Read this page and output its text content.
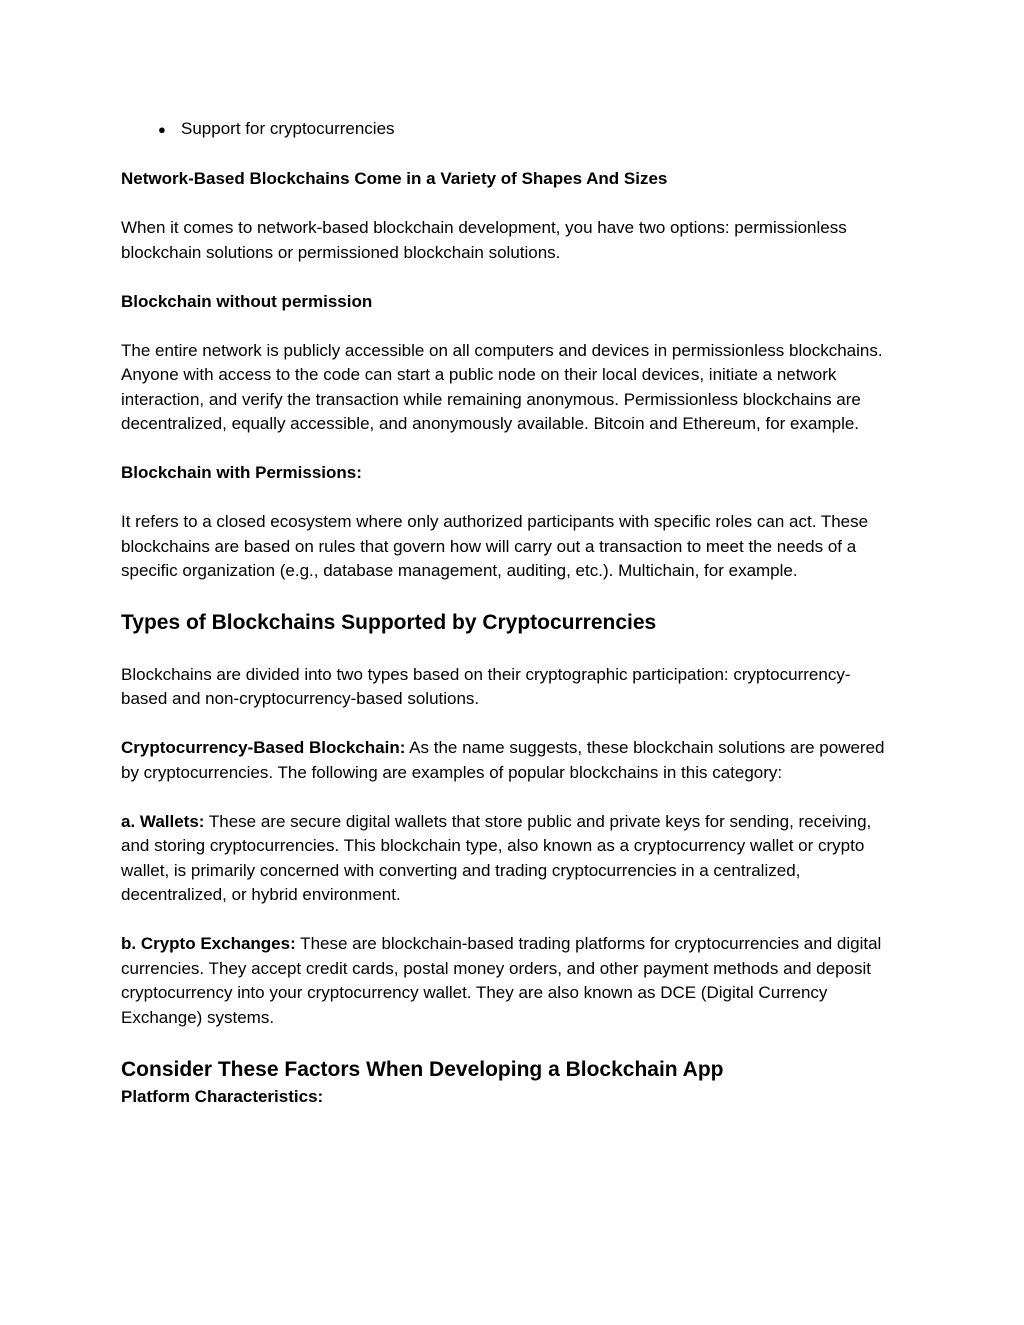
● Support for cryptocurrencies

Network-Based Blockchains Come in a Variety of Shapes And Sizes

When it comes to network-based blockchain development, you have two options: permissionless blockchain solutions or permissioned blockchain solutions.

Blockchain without permission

The entire network is publicly accessible on all computers and devices in permissionless blockchains. Anyone with access to the code can start a public node on their local devices, initiate a network interaction, and verify the transaction while remaining anonymous. Permissionless blockchains are decentralized, equally accessible, and anonymously available. Bitcoin and Ethereum, for example.

Blockchain with Permissions:

It refers to a closed ecosystem where only authorized participants with specific roles can act. These blockchains are based on rules that govern how will carry out a transaction to meet the needs of a specific organization (e.g., database management, auditing, etc.). Multichain, for example.

Types of Blockchains Supported by Cryptocurrencies

Blockchains are divided into two types based on their cryptographic participation: cryptocurrency-based and non-cryptocurrency-based solutions.

Cryptocurrency-Based Blockchain: As the name suggests, these blockchain solutions are powered by cryptocurrencies. The following are examples of popular blockchains in this category:

a. Wallets: These are secure digital wallets that store public and private keys for sending, receiving, and storing cryptocurrencies. This blockchain type, also known as a cryptocurrency wallet or crypto wallet, is primarily concerned with converting and trading cryptocurrencies in a centralized, decentralized, or hybrid environment.

b. Crypto Exchanges: These are blockchain-based trading platforms for cryptocurrencies and digital currencies. They accept credit cards, postal money orders, and other payment methods and deposit cryptocurrency into your cryptocurrency wallet. They are also known as DCE (Digital Currency Exchange) systems.

Consider These Factors When Developing a Blockchain App

Platform Characteristics:
